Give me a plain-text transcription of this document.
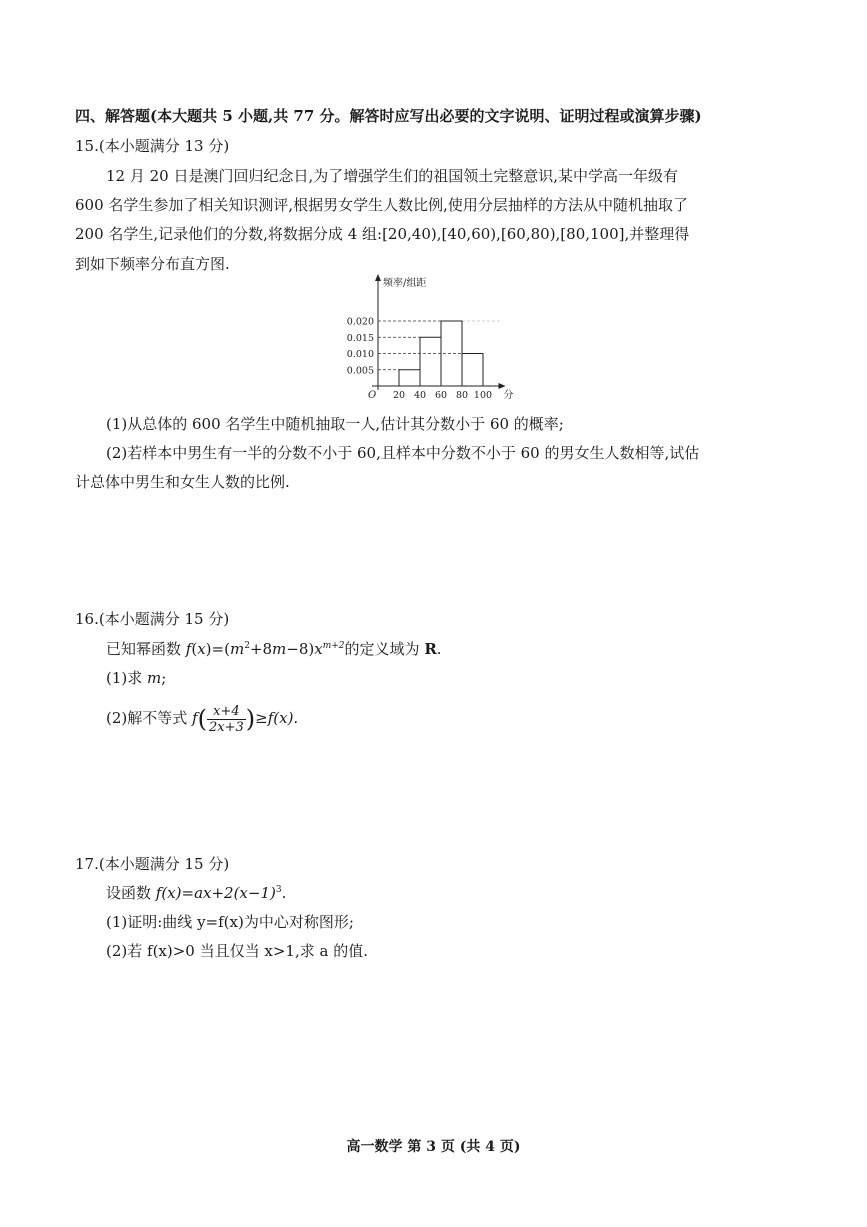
四、解答题(本大题共 5 小题,共 77 分。解答时应写出必要的文字说明、证明过程或演算步骤)
15.(本小题满分 13 分)
12 月 20 日是澳门回归纪念日,为了增强学生们的祖国领土完整意识,某中学高一年级有
600 名学生参加了相关知识测评,根据男女学生人数比例,使用分层抽样的方法从中随机抽取了
200 名学生,记录他们的分数,将数据分成 4 组:[20,40),[40,60),[60,80),[80,100],并整理得
到如下频率分布直方图.
频率/组距
分
O
0.005
0.010
0.015
0.020
20 40 60 80 100
(1)从总体的 600 名学生中随机抽取一人,估计其分数小于 60 的概率;
(2)若样本中男生有一半的分数不小于 60,且样本中分数不小于 60 的男女生人数相等,试估
计总体中男生和女生人数的比例.
16.(本小题满分 15 分)
已知幂函数 $f(x)=(m^2+8m-8)x^{m+2}$的定义域为 R.
(1)求 m;
(2)解不等式 $f( \frac{x+4}{2x+3} )\ge f(x)$.
17.(本小题满分 15 分)
设函数 $f(x)=ax+2(x-1)^3$.
(1)证明:曲线 y=f(x)为中心对称图形;
(2)若 f(x)>0 当且仅当 x>1,求 a 的值.
高一数学 第 3 页 (共 4 页)
